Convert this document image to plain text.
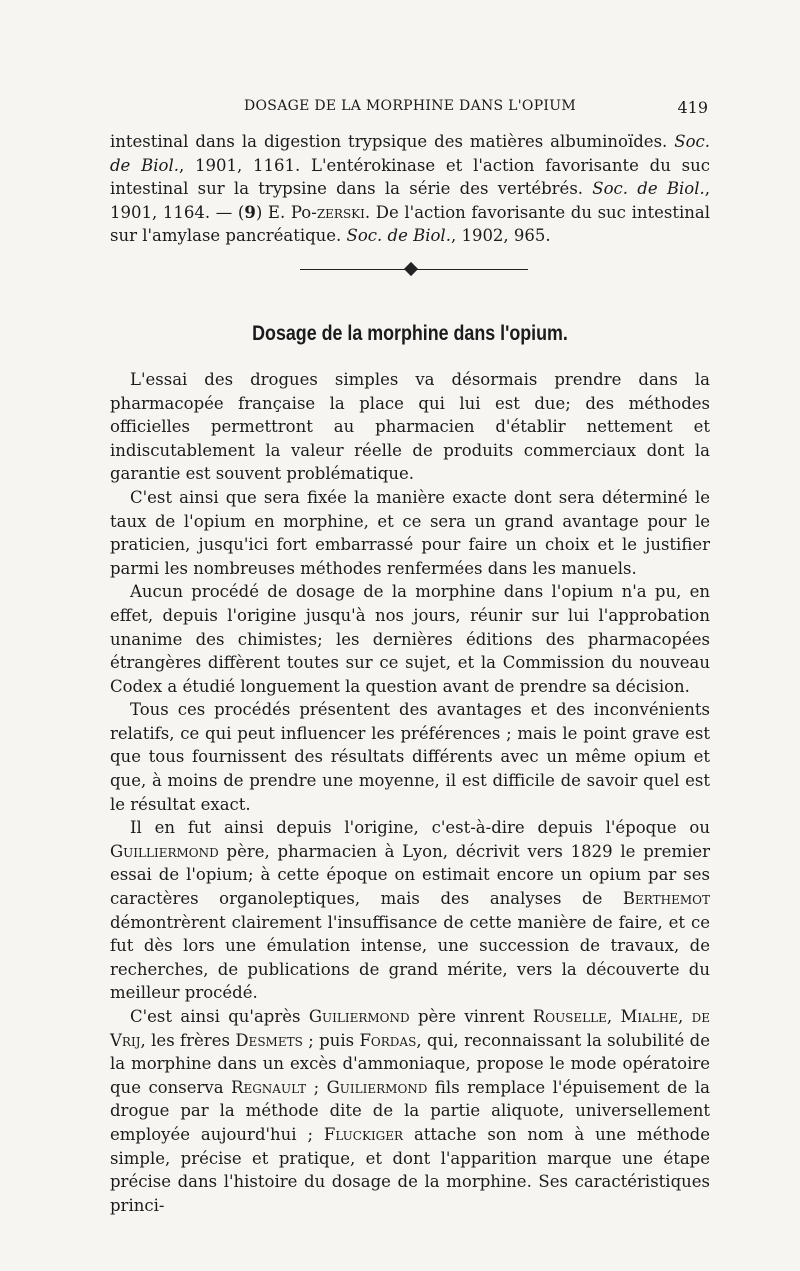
DOSAGE DE LA MORPHINE DANS L'OPIUM	419

intestinal dans la digestion trypsique des matières albuminoïdes. Soc. de Biol., 1901, 1161. L'entérokinase et l'action favorisante du suc intestinal sur la trypsine dans la série des vertébrés. Soc. de Biol., 1901, 1164. — (9) E. Po-zerski. De l'action favorisante du suc intestinal sur l'amylase pancréatique. Soc. de Biol., 1902, 965.

Dosage de la morphine dans l'opium.

L'essai des drogues simples va désormais prendre dans la pharmacopée française la place qui lui est due; des méthodes officielles permettront au pharmacien d'établir nettement et indiscutablement la valeur réelle de produits commerciaux dont la garantie est souvent problématique.

C'est ainsi que sera fixée la manière exacte dont sera déterminé le taux de l'opium en morphine, et ce sera un grand avantage pour le praticien, jusqu'ici fort embarrassé pour faire un choix et le justifier parmi les nombreuses méthodes renfermées dans les manuels.

Aucun procédé de dosage de la morphine dans l'opium n'a pu, en effet, depuis l'origine jusqu'à nos jours, réunir sur lui l'approbation unanime des chimistes; les dernières éditions des pharmacopées étrangères diffèrent toutes sur ce sujet, et la Commission du nouveau Codex a étudié longuement la question avant de prendre sa décision.

Tous ces procédés présentent des avantages et des inconvénients relatifs, ce qui peut influencer les préférences ; mais le point grave est que tous fournissent des résultats différents avec un même opium et que, à moins de prendre une moyenne, il est difficile de savoir quel est le résultat exact.

Il en fut ainsi depuis l'origine, c'est-à-dire depuis l'époque ou Guilliermond père, pharmacien à Lyon, décrivit vers 1829 le premier essai de l'opium; à cette époque on estimait encore un opium par ses caractères organoleptiques, mais des analyses de Berthemot démontrèrent clairement l'insuffisance de cette manière de faire, et ce fut dès lors une émulation intense, une succession de travaux, de recherches, de publications de grand mérite, vers la découverte du meilleur procédé.

C'est ainsi qu'après Guiliermond père vinrent Rouselle, Mialhe, de Vrij, les frères Desmets ; puis Fordas, qui, reconnaissant la solubilité de la morphine dans un excès d'ammoniaque, propose le mode opératoire que conserva Regnault ; Guiliermond fils remplace l'épuisement de la drogue par la méthode dite de la partie aliquote, universellement employée aujourd'hui ; Fluckiger attache son nom à une méthode simple, précise et pratique, et dont l'apparition marque une étape précise dans l'histoire du dosage de la morphine. Ses caractéristiques princi-
